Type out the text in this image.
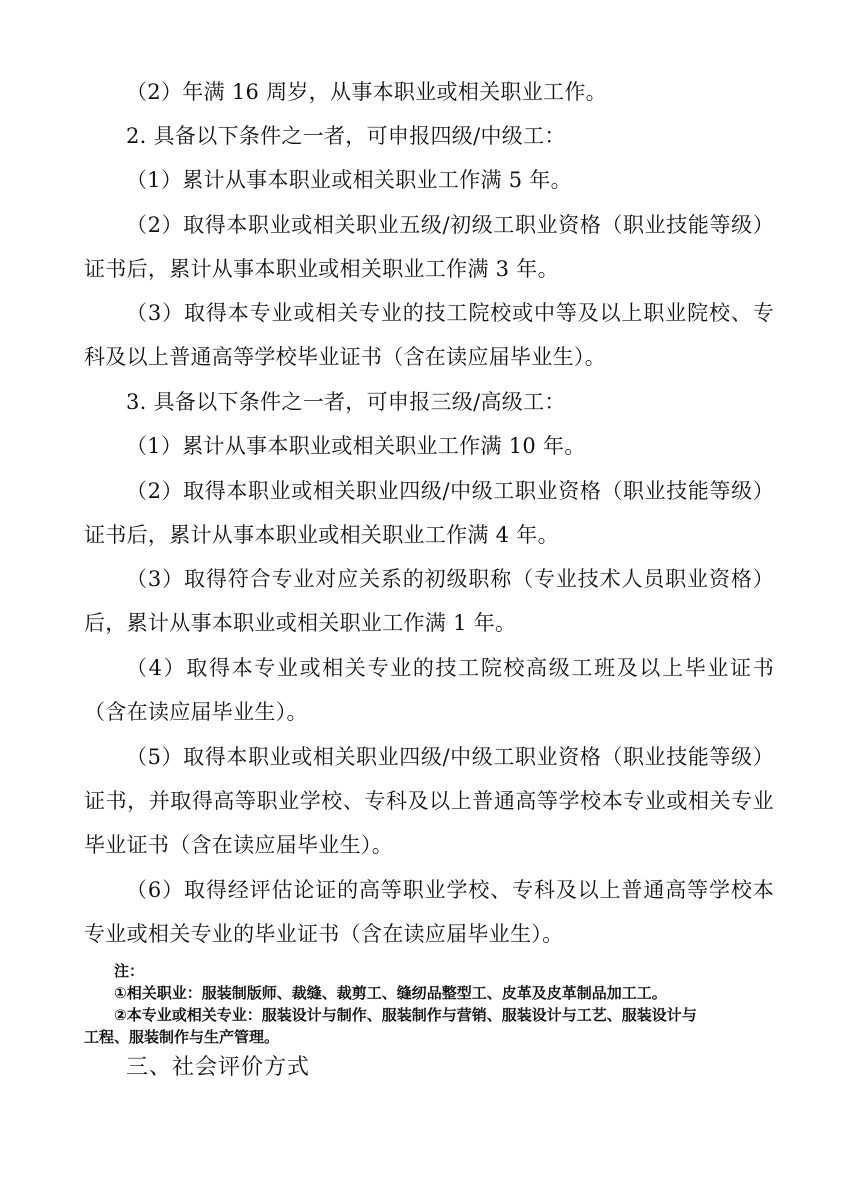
（2）年满 16 周岁，从事本职业或相关职业工作。

2. 具备以下条件之一者，可申报四级/中级工：

（1）累计从事本职业或相关职业工作满 5 年。

（2）取得本职业或相关职业五级/初级工职业资格（职业技能等级）证书后，累计从事本职业或相关职业工作满 3 年。

（3）取得本专业或相关专业的技工院校或中等及以上职业院校、专科及以上普通高等学校毕业证书（含在读应届毕业生）。

3. 具备以下条件之一者，可申报三级/高级工：

（1）累计从事本职业或相关职业工作满 10 年。

（2）取得本职业或相关职业四级/中级工职业资格（职业技能等级）证书后，累计从事本职业或相关职业工作满 4 年。

（3）取得符合专业对应关系的初级职称（专业技术人员职业资格）后，累计从事本职业或相关职业工作满 1 年。

（4）取得本专业或相关专业的技工院校高级工班及以上毕业证书（含在读应届毕业生）。

（5）取得本职业或相关职业四级/中级工职业资格（职业技能等级）证书，并取得高等职业学校、专科及以上普通高等学校本专业或相关专业毕业证书（含在读应届毕业生）。

（6）取得经评估论证的高等职业学校、专科及以上普通高等学校本专业或相关专业的毕业证书（含在读应届毕业生）。

注：

①相关职业：服装制版师、裁缝、裁剪工、缝纫品整型工、皮革及皮革制品加工工。

②本专业或相关专业：服装设计与制作、服装制作与营销、服装设计与工艺、服装设计与

工程、服装制作与生产管理。

三、社会评价方式
